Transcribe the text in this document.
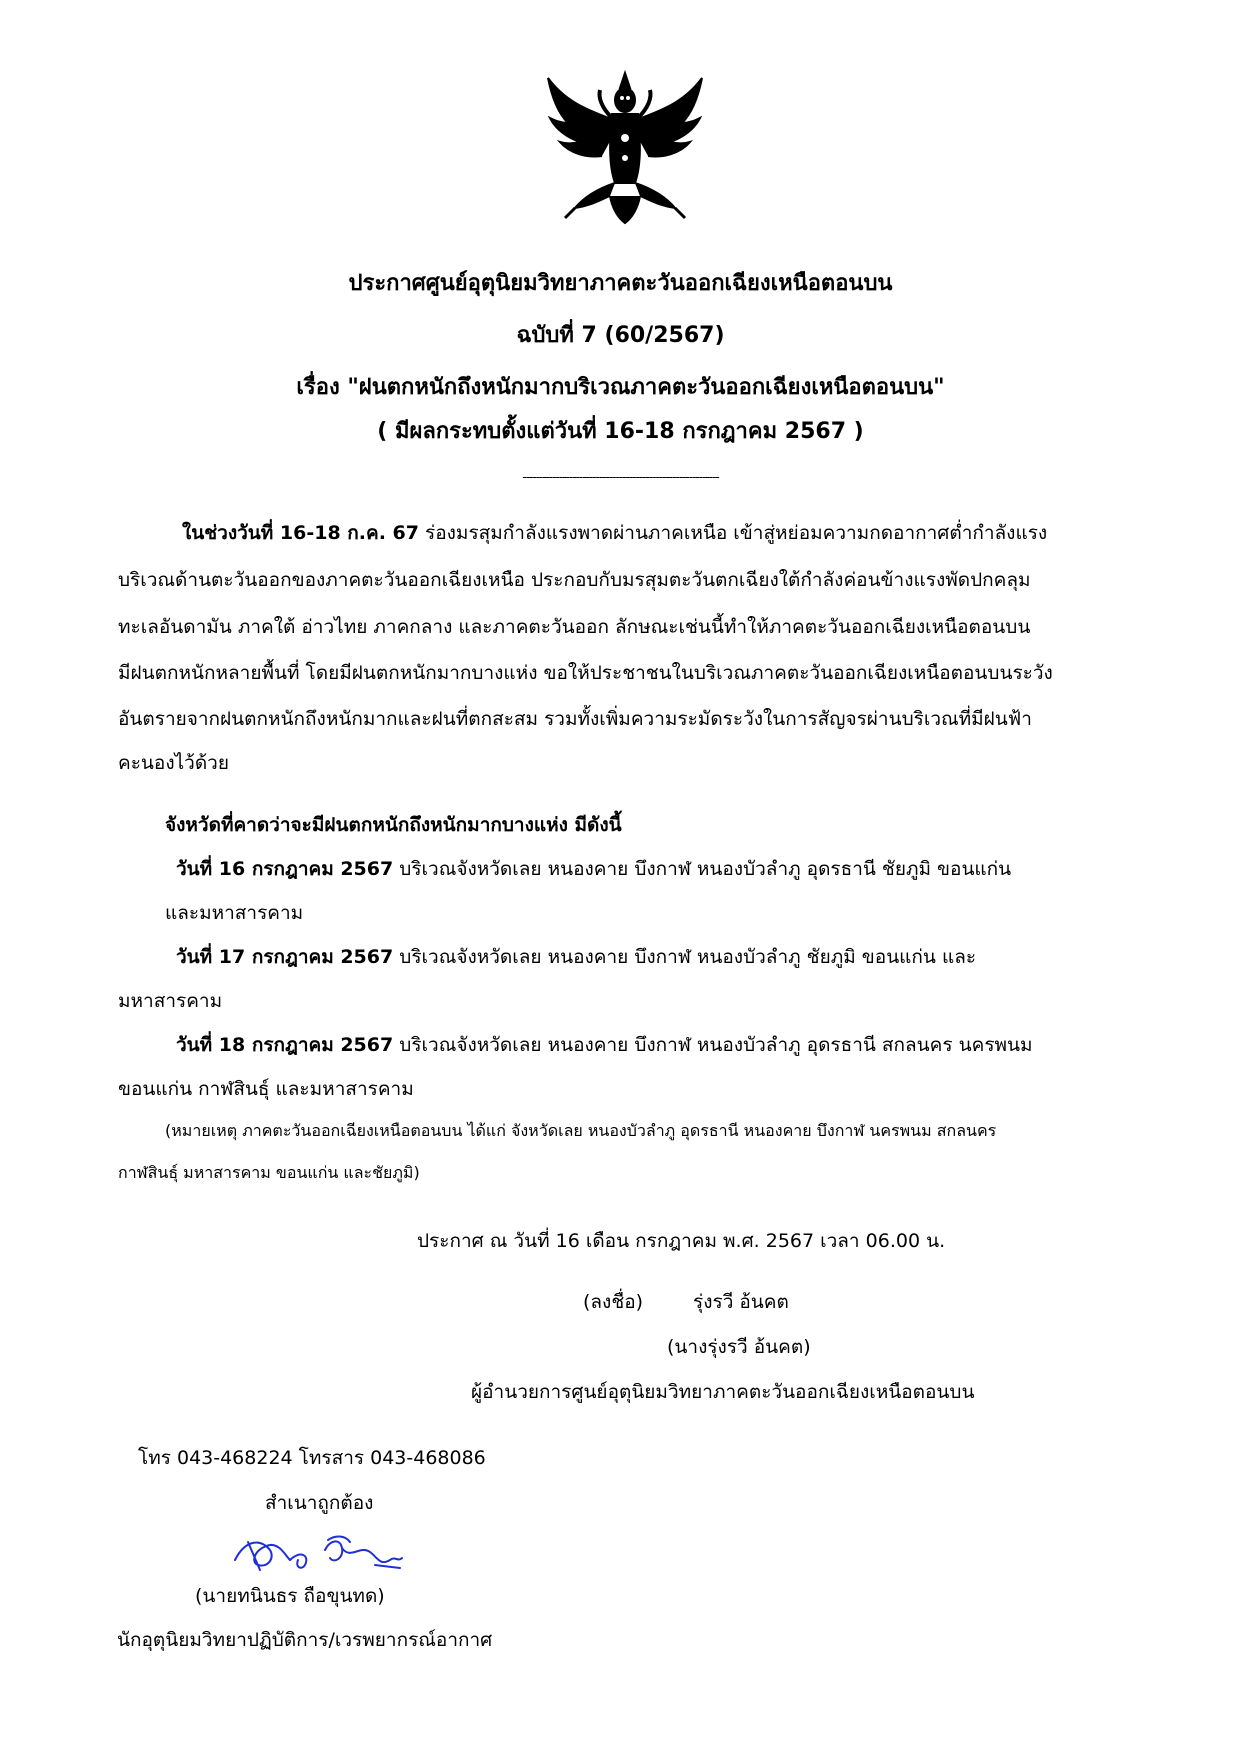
ประกาศศูนย์อุตุนิยมวิทยาภาคตะวันออกเฉียงเหนือตอนบน
ฉบับที่ 7 (60/2567)
เรื่อง "ฝนตกหนักถึงหนักมากบริเวณภาคตะวันออกเฉียงเหนือตอนบน"
( มีผลกระทบตั้งแต่วันที่ 16-18 กรกฎาคม 2567 )
-----------------------------------------------------------
ในช่วงวันที่ 16-18 ก.ค. 67 ร่องมรสุมกำลังแรงพาดผ่านภาคเหนือ เข้าสู่หย่อมความกดอากาศต่ำกำลังแรง
บริเวณด้านตะวันออกของภาคตะวันออกเฉียงเหนือ ประกอบกับมรสุมตะวันตกเฉียงใต้กำลังค่อนข้างแรงพัดปกคลุม
ทะเลอันดามัน ภาคใต้ อ่าวไทย ภาคกลาง และภาคตะวันออก ลักษณะเช่นนี้ทำให้ภาคตะวันออกเฉียงเหนือตอนบน
มีฝนตกหนักหลายพื้นที่ โดยมีฝนตกหนักมากบางแห่ง ขอให้ประชาชนในบริเวณภาคตะวันออกเฉียงเหนือตอนบนระวัง
อันตรายจากฝนตกหนักถึงหนักมากและฝนที่ตกสะสม รวมทั้งเพิ่มความระมัดระวังในการสัญจรผ่านบริเวณที่มีฝนฟ้า
คะนองไว้ด้วย
จังหวัดที่คาดว่าจะมีฝนตกหนักถึงหนักมากบางแห่ง มีดังนี้
วันที่ 16 กรกฎาคม 2567 บริเวณจังหวัดเลย หนองคาย บึงกาฬ หนองบัวลำภู อุดรธานี ชัยภูมิ ขอนแก่น
และมหาสารคาม
วันที่ 17 กรกฎาคม 2567 บริเวณจังหวัดเลย หนองคาย บึงกาฬ หนองบัวลำภู ชัยภูมิ ขอนแก่น และ
มหาสารคาม
วันที่ 18 กรกฎาคม 2567 บริเวณจังหวัดเลย หนองคาย บึงกาฬ หนองบัวลำภู อุดรธานี สกลนคร นครพนม
ขอนแก่น กาฬสินธุ์ และมหาสารคาม
(หมายเหตุ ภาคตะวันออกเฉียงเหนือตอนบน ได้แก่ จังหวัดเลย หนองบัวลำภู อุดรธานี หนองคาย บึงกาฬ นครพนม สกลนคร
กาฬสินธุ์ มหาสารคาม ขอนแก่น และชัยภูมิ)
ประกาศ ณ วันที่ 16 เดือน กรกฎาคม พ.ศ. 2567 เวลา 06.00 น.
(ลงชื่อ)	รุ่งรวี อ้นคต
(นางรุ่งรวี อ้นคต)
ผู้อำนวยการศูนย์อุตุนิยมวิทยาภาคตะวันออกเฉียงเหนือตอนบน
โทร 043-468224 โทรสาร 043-468086
สำเนาถูกต้อง
(นายทนินธร ถือขุนทด)
นักอุตุนิยมวิทยาปฏิบัติการ/เวรพยากรณ์อากาศ
